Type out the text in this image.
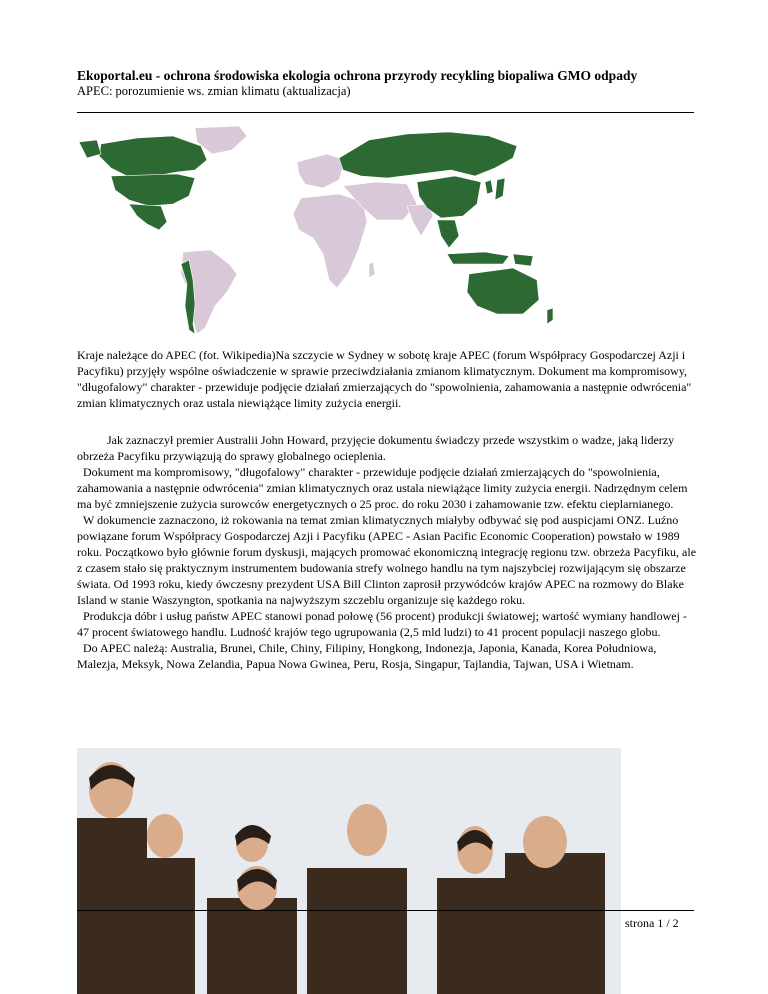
Ekoportal.eu - ochrona środowiska ekologia ochrona przyrody recykling biopaliwa GMO odpady
APEC: porozumienie ws. zmian klimatu (aktualizacja)

Kraje należące do APEC (fot. Wikipedia)Na szczycie w Sydney w sobotę kraje APEC (forum Współpracy Gospodarczej Azji i Pacyfiku) przyjęły wspólne oświadczenie w sprawie przeciwdziałania zmianom klimatycznym. Dokument ma kompromisowy, "długofalowy" charakter - przewiduje podjęcie działań zmierzających do "spowolnienia, zahamowania a następnie odwrócenia" zmian klimatycznych oraz ustala niewiążące limity zużycia energii.

Jak zaznaczył premier Australii John Howard, przyjęcie dokumentu świadczy przede wszystkim o wadze, jaką liderzy obrzeża Pacyfiku przywiązują do sprawy globalnego ocieplenia.
Dokument ma kompromisowy, "długofalowy" charakter - przewiduje podjęcie działań zmierzających do "spowolnienia, zahamowania a następnie odwrócenia" zmian klimatycznych oraz ustala niewiążące limity zużycia energii. Nadrzędnym celem ma być zmniejszenie zużycia surowców energetycznych o 25 proc. do roku 2030 i zahamowanie tzw. efektu cieplarnianego.
W dokumencie zaznaczono, iż rokowania na temat zmian klimatycznych miałyby odbywać się pod auspicjami ONZ. Luźno powiązane forum Współpracy Gospodarczej Azji i Pacyfiku (APEC - Asian Pacific Economic Cooperation) powstało w 1989 roku. Początkowo było głównie forum dyskusji, mających promować ekonomiczną integrację regionu tzw. obrzeża Pacyfiku, ale z czasem stało się praktycznym instrumentem budowania strefy wolnego handlu na tym najszybciej rozwijającym się obszarze świata. Od 1993 roku, kiedy ówczesny prezydent USA Bill Clinton zaprosił przywódców krajów APEC na rozmowy do Blake Island w stanie Waszyngton, spotkania na najwyższym szczeblu organizuje się każdego roku.
Produkcja dóbr i usług państw APEC stanowi ponad połowę (56 procent) produkcji światowej; wartość wymiany handlowej - 47 procent światowego handlu. Ludność krajów tego ugrupowania (2,5 mld ludzi) to 41 procent populacji naszego globu.
Do APEC należą: Australia, Brunei, Chile, Chiny, Filipiny, Hongkong, Indonezja, Japonia, Kanada, Korea Południowa, Malezja, Meksyk, Nowa Zelandia, Papua Nowa Gwinea, Peru, Rosja, Singapur, Tajlandia, Tajwan, USA i Wietnam.

strona 1 / 2
